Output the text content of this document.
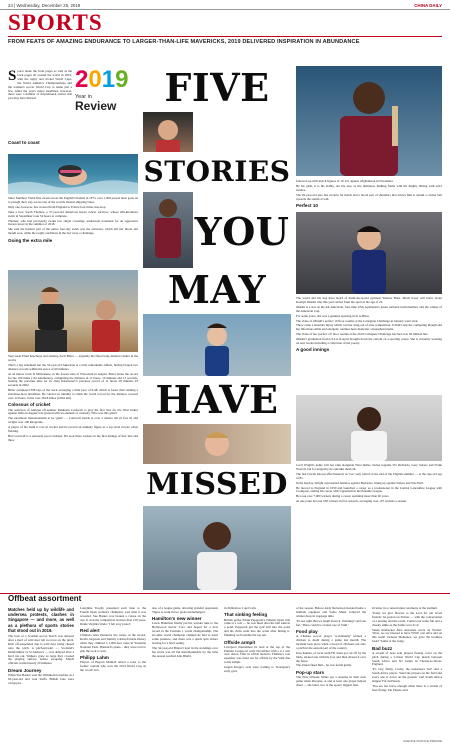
24 | Wednesday, December 25, 2019	CHINA DAILY
SPORTS
FROM FEATS OF AMAZING ENDURANCE TO LARGER-THAN-LIFE MAVERICKS, 2019 DELIVERED INSPIRATION IN ABUNDANCE
S ports made the front pages as well as the back pages all around the world in 2019, with the rugby and cricket World Cups, the World Athletics Championships and the women's soccer World Cup to name just a few. Amid the year's major headlines, however, there were a number of inspirational stories that you may have missed:

2 0 1 9
Year in
Review
Coast to coast

Since Matthew Webb first swam across the English Channel in 1875, over 1,000 people have gone on to plough their way across one of the world's busiest shipping lanes.

Only one, however, has crossed from England to France four times non-stop.

Take a bow Sarah Thomas, a 37-year-old American breast cancer survivor, whose 209-kilometer swim in September took 54 hours to complete.

Thomas, who had previously swum two single crossings, underwent treatment for an aggressive breast cancer in the summer of 2018.

She said the hardest part of the entire four-day swim was the saltwater, which left her throat and mouth sore, while the rough conditions in the bay were a challenge.

Going the extra mile

Step aside Eliud Kipchoge and standup Zach Bitter — arguably the finest long-distance runner in the world.

That's a big statement but the 33-year-old American is a truly remarkable athlete, having broken two distance records within the space of 60 minutes.

At an indoor track in Milwaukee, in the frozen state of Wisconsin in August, Bitter broke the record for the 100 miles (161 kilometers), completing the distance in 11 hours, 19 minutes and 13 seconds, beating the previous time set by Oleg Kharitonov's previous record of 11 hours 28 minutes 03 seconds in 2002.

Bitter completed 398 laps of the track averaging a mile pace of 6:48, which is faster than running a sub-three-hour marathon. He carried on running to claim the world record for the distance covered over 12 hours, in his case 104.8 miles (168.6 km).

Colossus of cricket

The selection of Antigua off-spinner Rahkeem Cornwall to play his first Test for the West Indies against India in August was greeted with an element of curiosity. Who was this giant?

The enormous man-mountain is no 'giant' — Cornwall stands at over 2 meters tall (6 foot 6) and weighs over 140 kilograms.

A player of his build is rare in cricket and he proved an unlikely figure as a top-level bowler when fielding.

But Cornwall is a seriously good cricketer. He took three wickets in the first innings of that Test and three

FIVE
STORIES
YOU
MAY
HAVE
MISSED

followed up with match figures of 10-121 against Afghanistan in November.

By his girth, it is his ability, not his size, as the dismissal, hulking frame with his mighty hitting with extra bounce.

The 26-year-old also has wickets for hands and a broad pair of shoulders that allows him to smash a cricket ball towards the stands at will.

Perfect 10

The world and his dog have heard of multi-decorated gymnast Simone Biles. Much fewer will know about Katelyn Ohashi who this year retired from the sport at the age of 22.

Ohashi is a star on the All-American, four-time USA Gymnastics junior national team member, and the winner of the American Cup.

For some years, she was a genuine sporting rival to Biles.

The video of Ohashi's perfect 10 floor routine at the Collegiate Challenge in January went viral.

There came a shoulder injury which cast her drug-out of elite competition. It didn't stop her competing though and her infectious smile and energetic routines have made her a household name.

The video of her 'perfect 10' floor routine at the 2019 Collegiate Challenge has had over 60 million hits.

Ohashi's graduation from UCLA in April brought down the curtain on a sporting career. She is currently working on new books including a collection of her poetry.

A good innings

Cecil Wright's name will not rank alongside West Indies cricket legends Viv Richards, Gary Sobers and Frank Worrell, but for longevity he outranks them all.

The fast bowler known affectionately as 'Cec' only retired at the end of the English summer — at the ripe old age of 85.

In his heyday, Wright represented Jamaica against Barbados, lining up against Sobers and Wes Hall.

He moved to England in 1959 and launched a career as a professional in the Central Lancashire League with Crompton, ending his career with Uppermill in the Pennine League.

He took over 7,000 wickets during a career spanning more than 60 years.

At one point he took 538 wickets in five seasons, averaging over 107 wickets a season.

Offbeat assortment
Matches held up by wildlife and undersea protests, clashes in Singapore — and more, as well as a plethora of sports stories that stood out in 2019.

The luck of a Scottish soccer match was delayed after a herd of wild deer left no trace on the pitch. Rich off-suspended due to wild deer being chased onto the pitch. A pitch-invader — Scotland's Dunfermline vs St Andrews — was delayed after a herd ran out. Walkers grew so large they crossed the playing surface before escaping. Match officials waited nearly 20 minutes.

Dream Journey

When Sue Barker won the Wimbledon doubles as a 63-year-old and won Steffi, British fans were overjoyed.

Longtime Trophy presented each June to the French Open women's champion. Last time it was revealed, Sue Barker was broken a crease on the cup. It won the competition in more than 150 years. Dame Virginia Wade: 'I felt very proud.'

Red alert

Climbers Alex Honnold, the owner of the record, Kevin Jorgeson and Tommy Caldwell made history when they climbed a 1,000-foot route in Yosemite National Park. Honnold's plans... they were told to grip the rock to wait.

Philipp Lahm

Players of Bayern Munich raised a toast to the former captain who won the 2014 World Cup, in the 'coach' box.

also of a league game, allowing grateful opponents Tigres to walk in two goals unchallenged.

Hamilton's new winner

Lewis Hamilton finally put his wonder tune to the Hollywood movie 'Cars' and hoped for a new record in the Formula 1 world championship. The six-time world champion claimed he had to learn some patience, and there was a quick spin before leaving for a brief outing.

The 34-year-old Briton's lead in the standings over his rivals was all but insurmountable by the time the season reached Abu Dhabi.

in Zimbabwe 2 and Cam.

That sinking feeling

British golfer Eddie Pepperell's Turkish Open title came at a cost — he was fined after his ball sank in a pond. Pepperell put the golf ball into the pond and his clubs went into the water after hitting it, finishing well outside the top ten.

Offside armpit

Liverpool maintained its lead at the top of the Premier League in early November with a 2-1 win over Aston Villa in which Roberto Firmino's late equaliser was ruled out for offside by the VAR due to his armpit.

Jurgen Klopp's reds were trailing to Trezeguet's early goal.

of the season. Before Andy Robertson headed home a brilliant equaliser and Sadio Mane volleyed the winner deep in stoppage time.

'It's not right that we laugh about it. Warnings' said one fan. 'There could be a better use of VAR.'

Food play

A Chelsea soccer player 'accidentally' kicked a chicken to death during a game last month. The incident took place when a breed of chickens ran onto a pitch in the eastern part of the country.

Ivan Kuleba, of local team FK Jelen got cut off by the birds, kicked one with his foot and then chased it over the fence.

The Union fined him... he was found guilty.

Pop-up stars

The New Orleans Saints got a surprise in their next game when Dwayne, 4, and at least one player helped cheer — the band, two of the sports' biggest fans.

October in a conservation ceremony at the stadium.

'Today we give flowers to the Lord for our loved friends,' he posted on Twitter — with the conversation of a karting and the event. Canin took some fun and a cheeky smile as the Saints won 31-9.

Saints linebacker Alex Anzalone wrote on Twitter: 'Wow, we are blessed to have WWE cast alive and on this team! Jackson Mahomes, we gave the brothers back!' Saints at the lodge.

Bad buzz

A swarm of bees sent players fleeing cover on the pitch during a Cricket World Cup match between South Africa and Sri Lanka in Chester-le-Street, England.

'It's very funny. Lucky, the nonsense's bad' said a South Africa player. 'Send the players on the field and every one is down on the ground,' said South Africa skipper Faf du Plessis.

'You are not brave enough when there is a swarm of bees flying,' Du Plessis said.

AGENCE FRANCE-PRESSE
